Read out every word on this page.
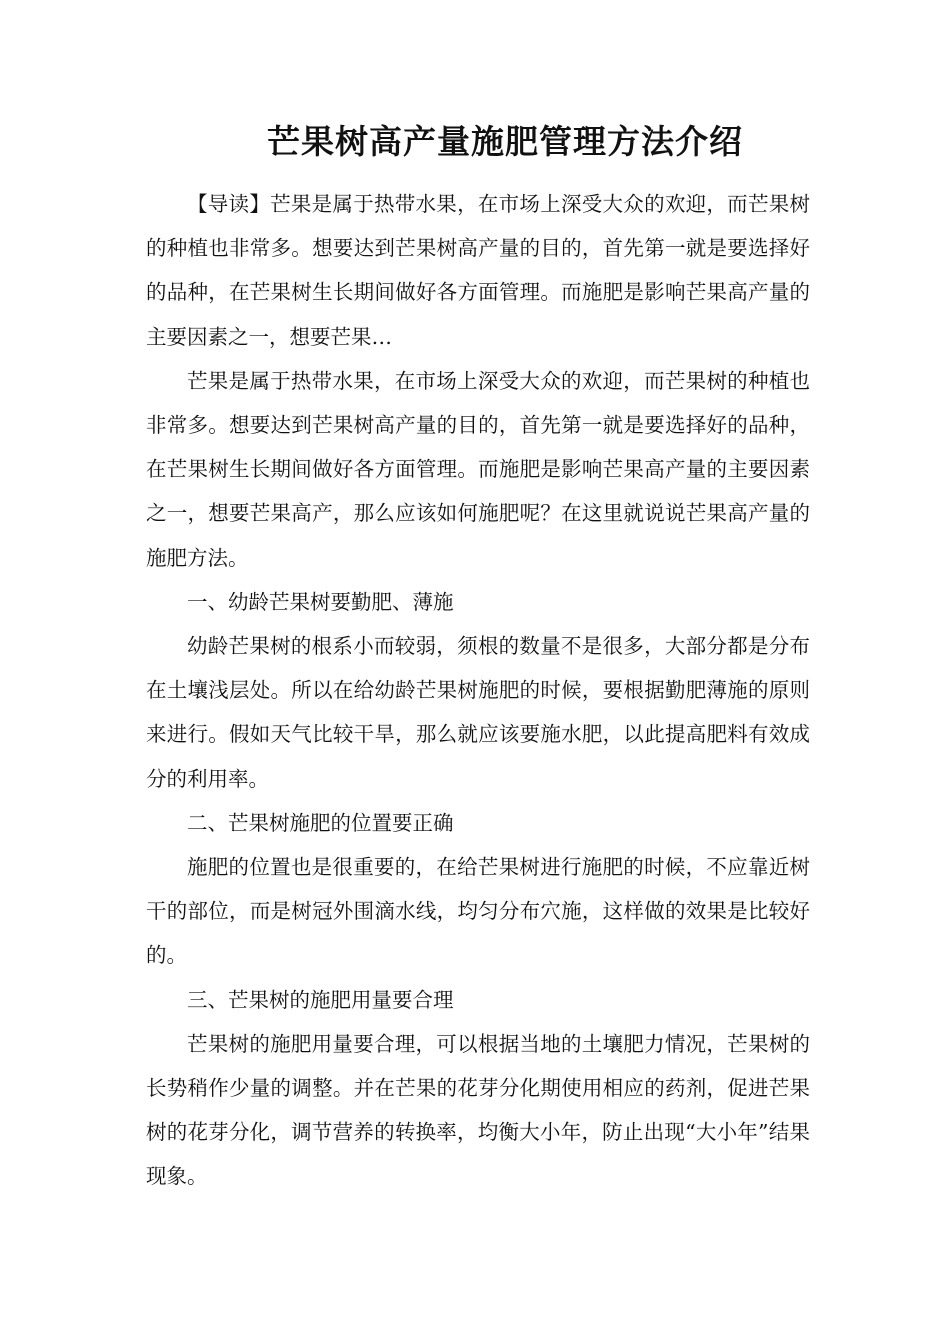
芒果树高产量施肥管理方法介绍

【导读】芒果是属于热带水果，在市场上深受大众的欢迎，而芒果树的种植也非常多。想要达到芒果树高产量的目的，首先第一就是要选择好的品种，在芒果树生长期间做好各方面管理。而施肥是影响芒果高产量的主要因素之一，想要芒果…

芒果是属于热带水果，在市场上深受大众的欢迎，而芒果树的种植也非常多。想要达到芒果树高产量的目的，首先第一就是要选择好的品种，在芒果树生长期间做好各方面管理。而施肥是影响芒果高产量的主要因素之一，想要芒果高产，那么应该如何施肥呢？在这里就说说芒果高产量的施肥方法。

一、幼龄芒果树要勤肥、薄施

幼龄芒果树的根系小而较弱，须根的数量不是很多，大部分都是分布在土壤浅层处。所以在给幼龄芒果树施肥的时候，要根据勤肥薄施的原则来进行。假如天气比较干旱，那么就应该要施水肥，以此提高肥料有效成分的利用率。

二、芒果树施肥的位置要正确

施肥的位置也是很重要的，在给芒果树进行施肥的时候，不应靠近树干的部位，而是树冠外围滴水线，均匀分布穴施，这样做的效果是比较好的。

三、芒果树的施肥用量要合理

芒果树的施肥用量要合理，可以根据当地的土壤肥力情况，芒果树的长势稍作少量的调整。并在芒果的花芽分化期使用相应的药剂，促进芒果树的花芽分化，调节营养的转换率，均衡大小年，防止出现“大小年”结果现象。
